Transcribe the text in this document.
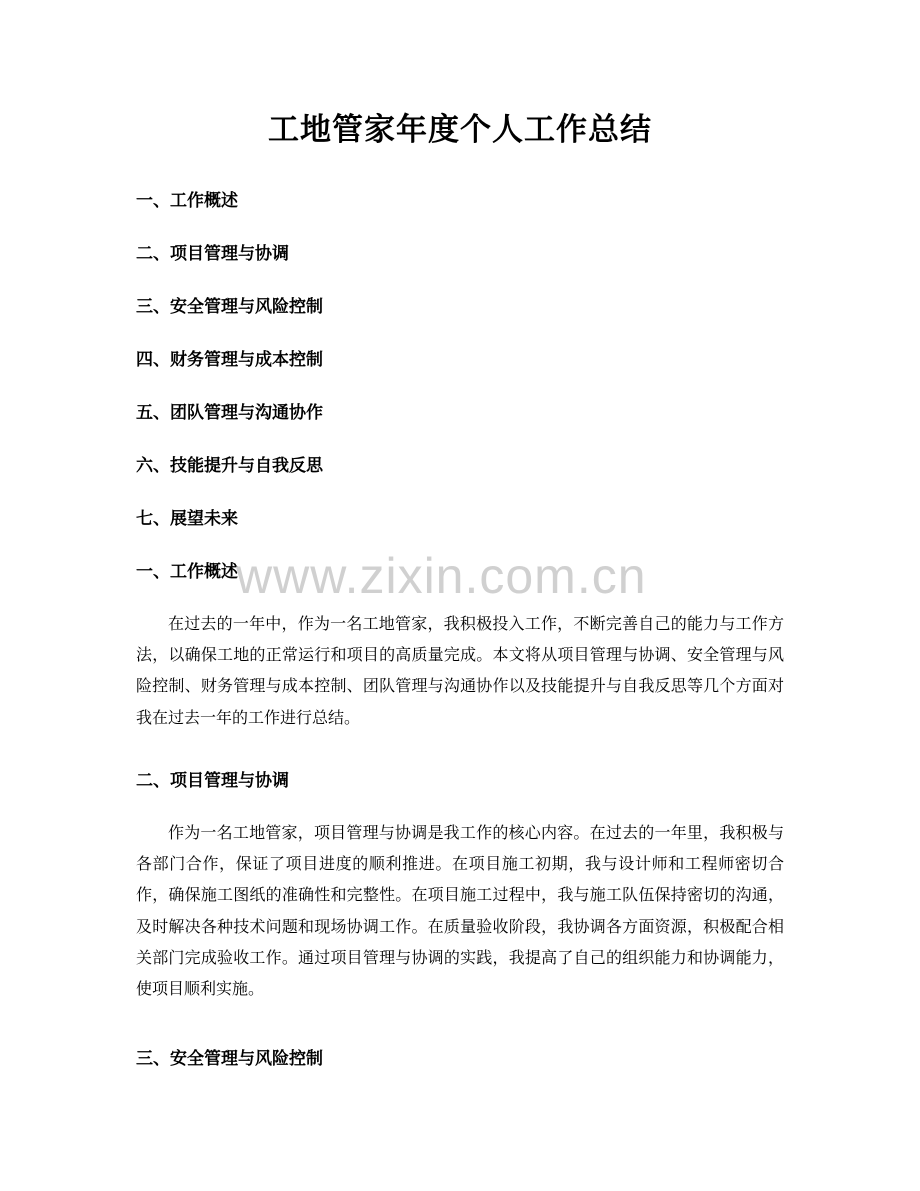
工地管家年度个人工作总结
一、工作概述
二、项目管理与协调
三、安全管理与风险控制
四、财务管理与成本控制
五、团队管理与沟通协作
六、技能提升与自我反思
七、展望未来
一、工作概述

在过去的一年中，作为一名工地管家，我积极投入工作，不断完善自己的能力与工作方法，以确保工地的正常运行和项目的高质量完成。本文将从项目管理与协调、安全管理与风险控制、财务管理与成本控制、团队管理与沟通协作以及技能提升与自我反思等几个方面对我在过去一年的工作进行总结。

二、项目管理与协调

作为一名工地管家，项目管理与协调是我工作的核心内容。在过去的一年里，我积极与各部门合作，保证了项目进度的顺利推进。在项目施工初期，我与设计师和工程师密切合作，确保施工图纸的准确性和完整性。在项目施工过程中，我与施工队伍保持密切的沟通，及时解决各种技术问题和现场协调工作。在质量验收阶段，我协调各方面资源，积极配合相关部门完成验收工作。通过项目管理与协调的实践，我提高了自己的组织能力和协调能力，使项目顺利实施。

三、安全管理与风险控制
www.zixin.com.cn
